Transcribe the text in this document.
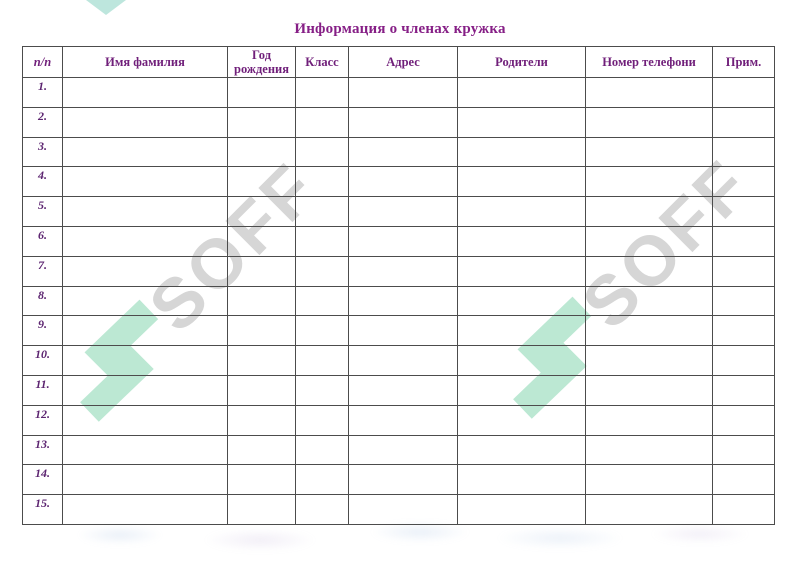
SOFF	SOFF
Информация о членах кружка
п/п	Имя фамилия	Год рождения	Класс	Адрес	Родители	Номер телефони	Прим.
1.							
2.							
3.							
4.							
5.							
6.							
7.							
8.							
9.							
10.							
11.							
12.							
13.							
14.							
15.							
